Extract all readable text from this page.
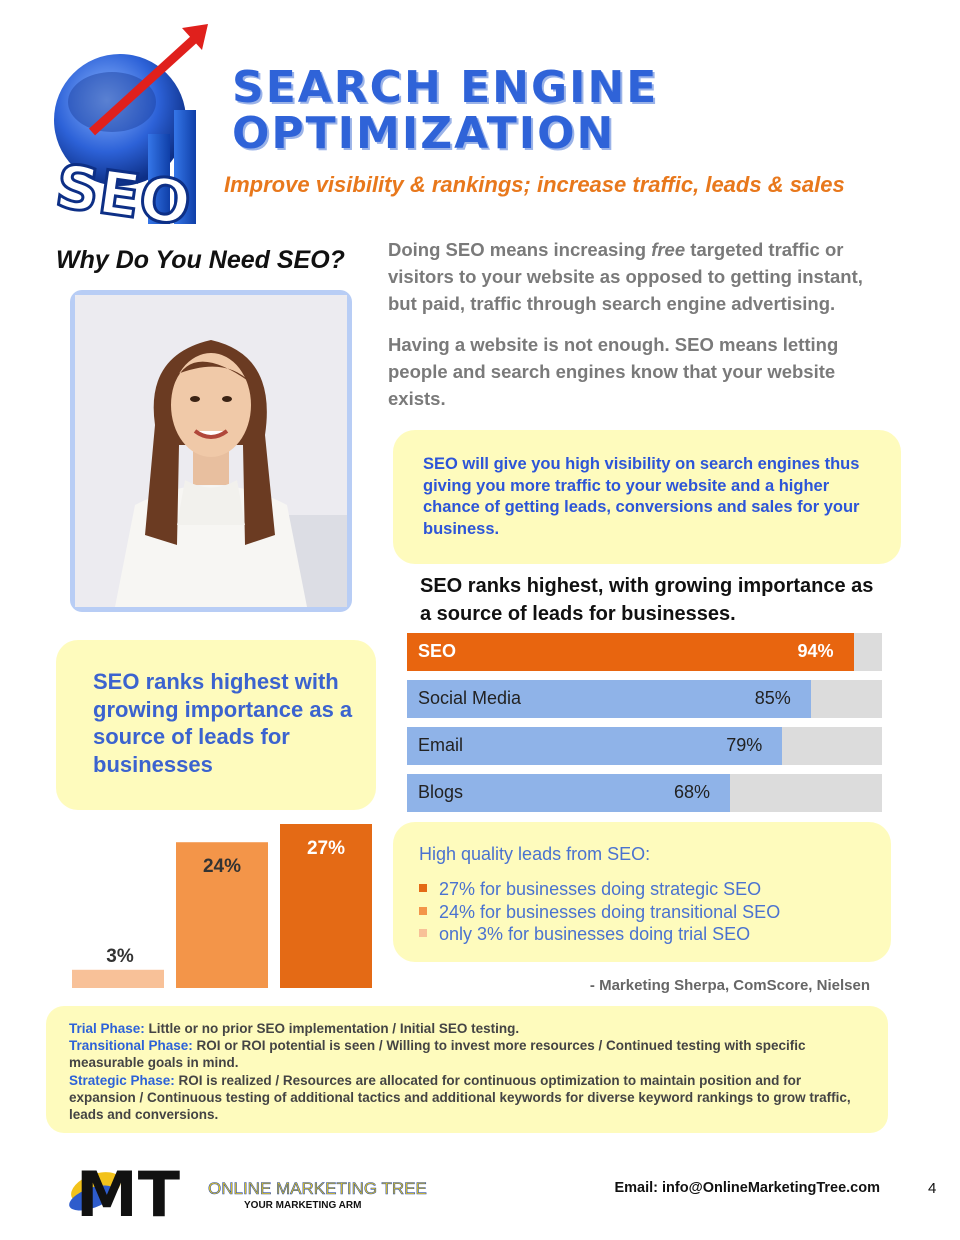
SEO
SEARCH ENGINE
OPTIMIZATION
Improve visibility & rankings; increase traffic, leads & sales
Why Do You Need SEO? Doing SEO means increasing free targeted traffic or visitors to your website as opposed to getting instant, but paid, traffic through search engine advertising.

Having a website is not enough. SEO means letting people and search engines know that your website exists.

SEO will give you high visibility on search engines thus giving you more traffic to your website and a higher chance of getting leads, conversions and sales for your business.

SEO ranks highest, with growing importance as a source of leads for businesses.
SEO	94%
Social Media	85%
Email	79%
Blogs	68%

SEO ranks highest with growing importance as a source of leads for businesses

3%
24%
27%	High quality leads from SEO:
27% for businesses doing strategic SEO
24% for businesses doing transitional SEO
only 3% for businesses doing trial SEO
- Marketing Sherpa, ComScore, Nielsen
Trial Phase: Little or no prior SEO implementation / Initial SEO testing.
Transitional Phase: ROI or ROI potential is seen / Willing to invest more resources / Continued testing with specific measurable goals in mind.
Strategic Phase: ROI is realized / Resources are allocated for continuous optimization to maintain position and for expansion / Continuous testing of additional tactics and additional keywords for diverse keyword rankings to grow traffic, leads and conversions.
MT ONLINE MARKETING TREE
YOUR MARKETING ARM
Email: info@OnlineMarketingTree.com	4
